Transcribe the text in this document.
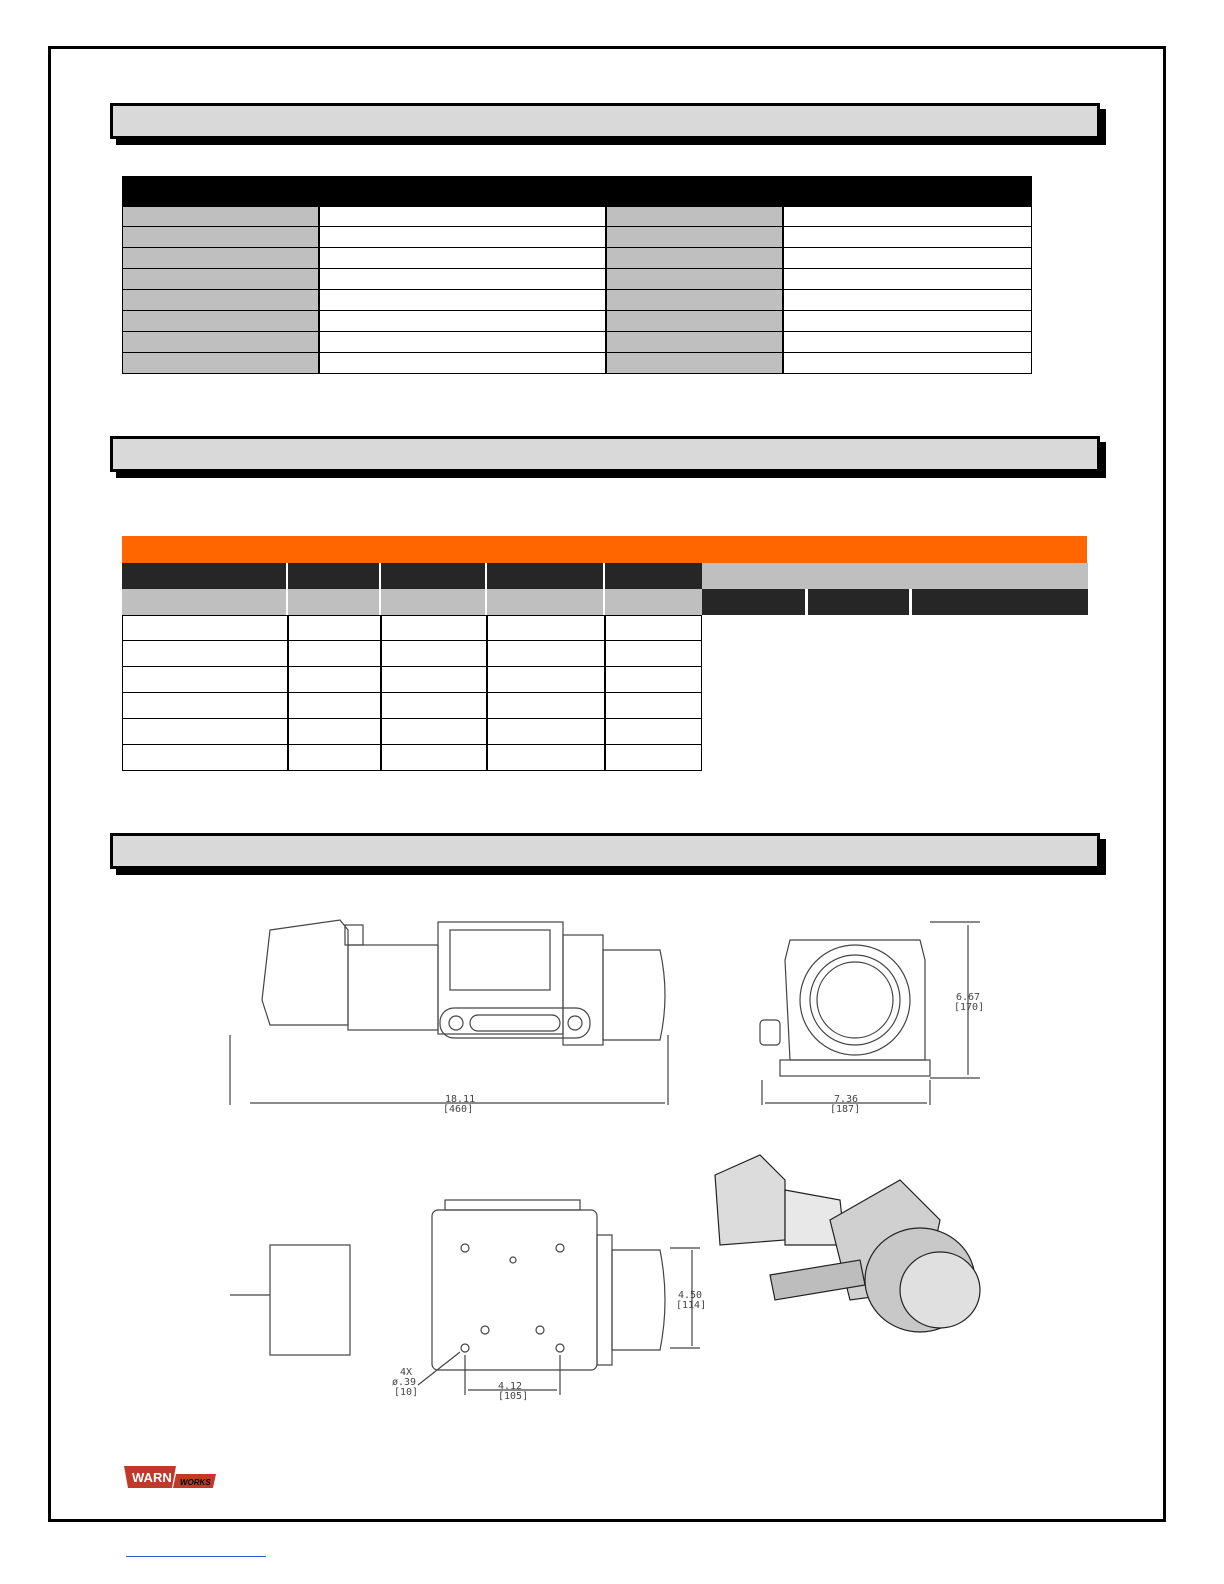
18.11
[460]
6.67
[170]
7.36
[187]
4.12
[105]
4.50
[114]
4X
ø.39
[10]
WARN WORKS
